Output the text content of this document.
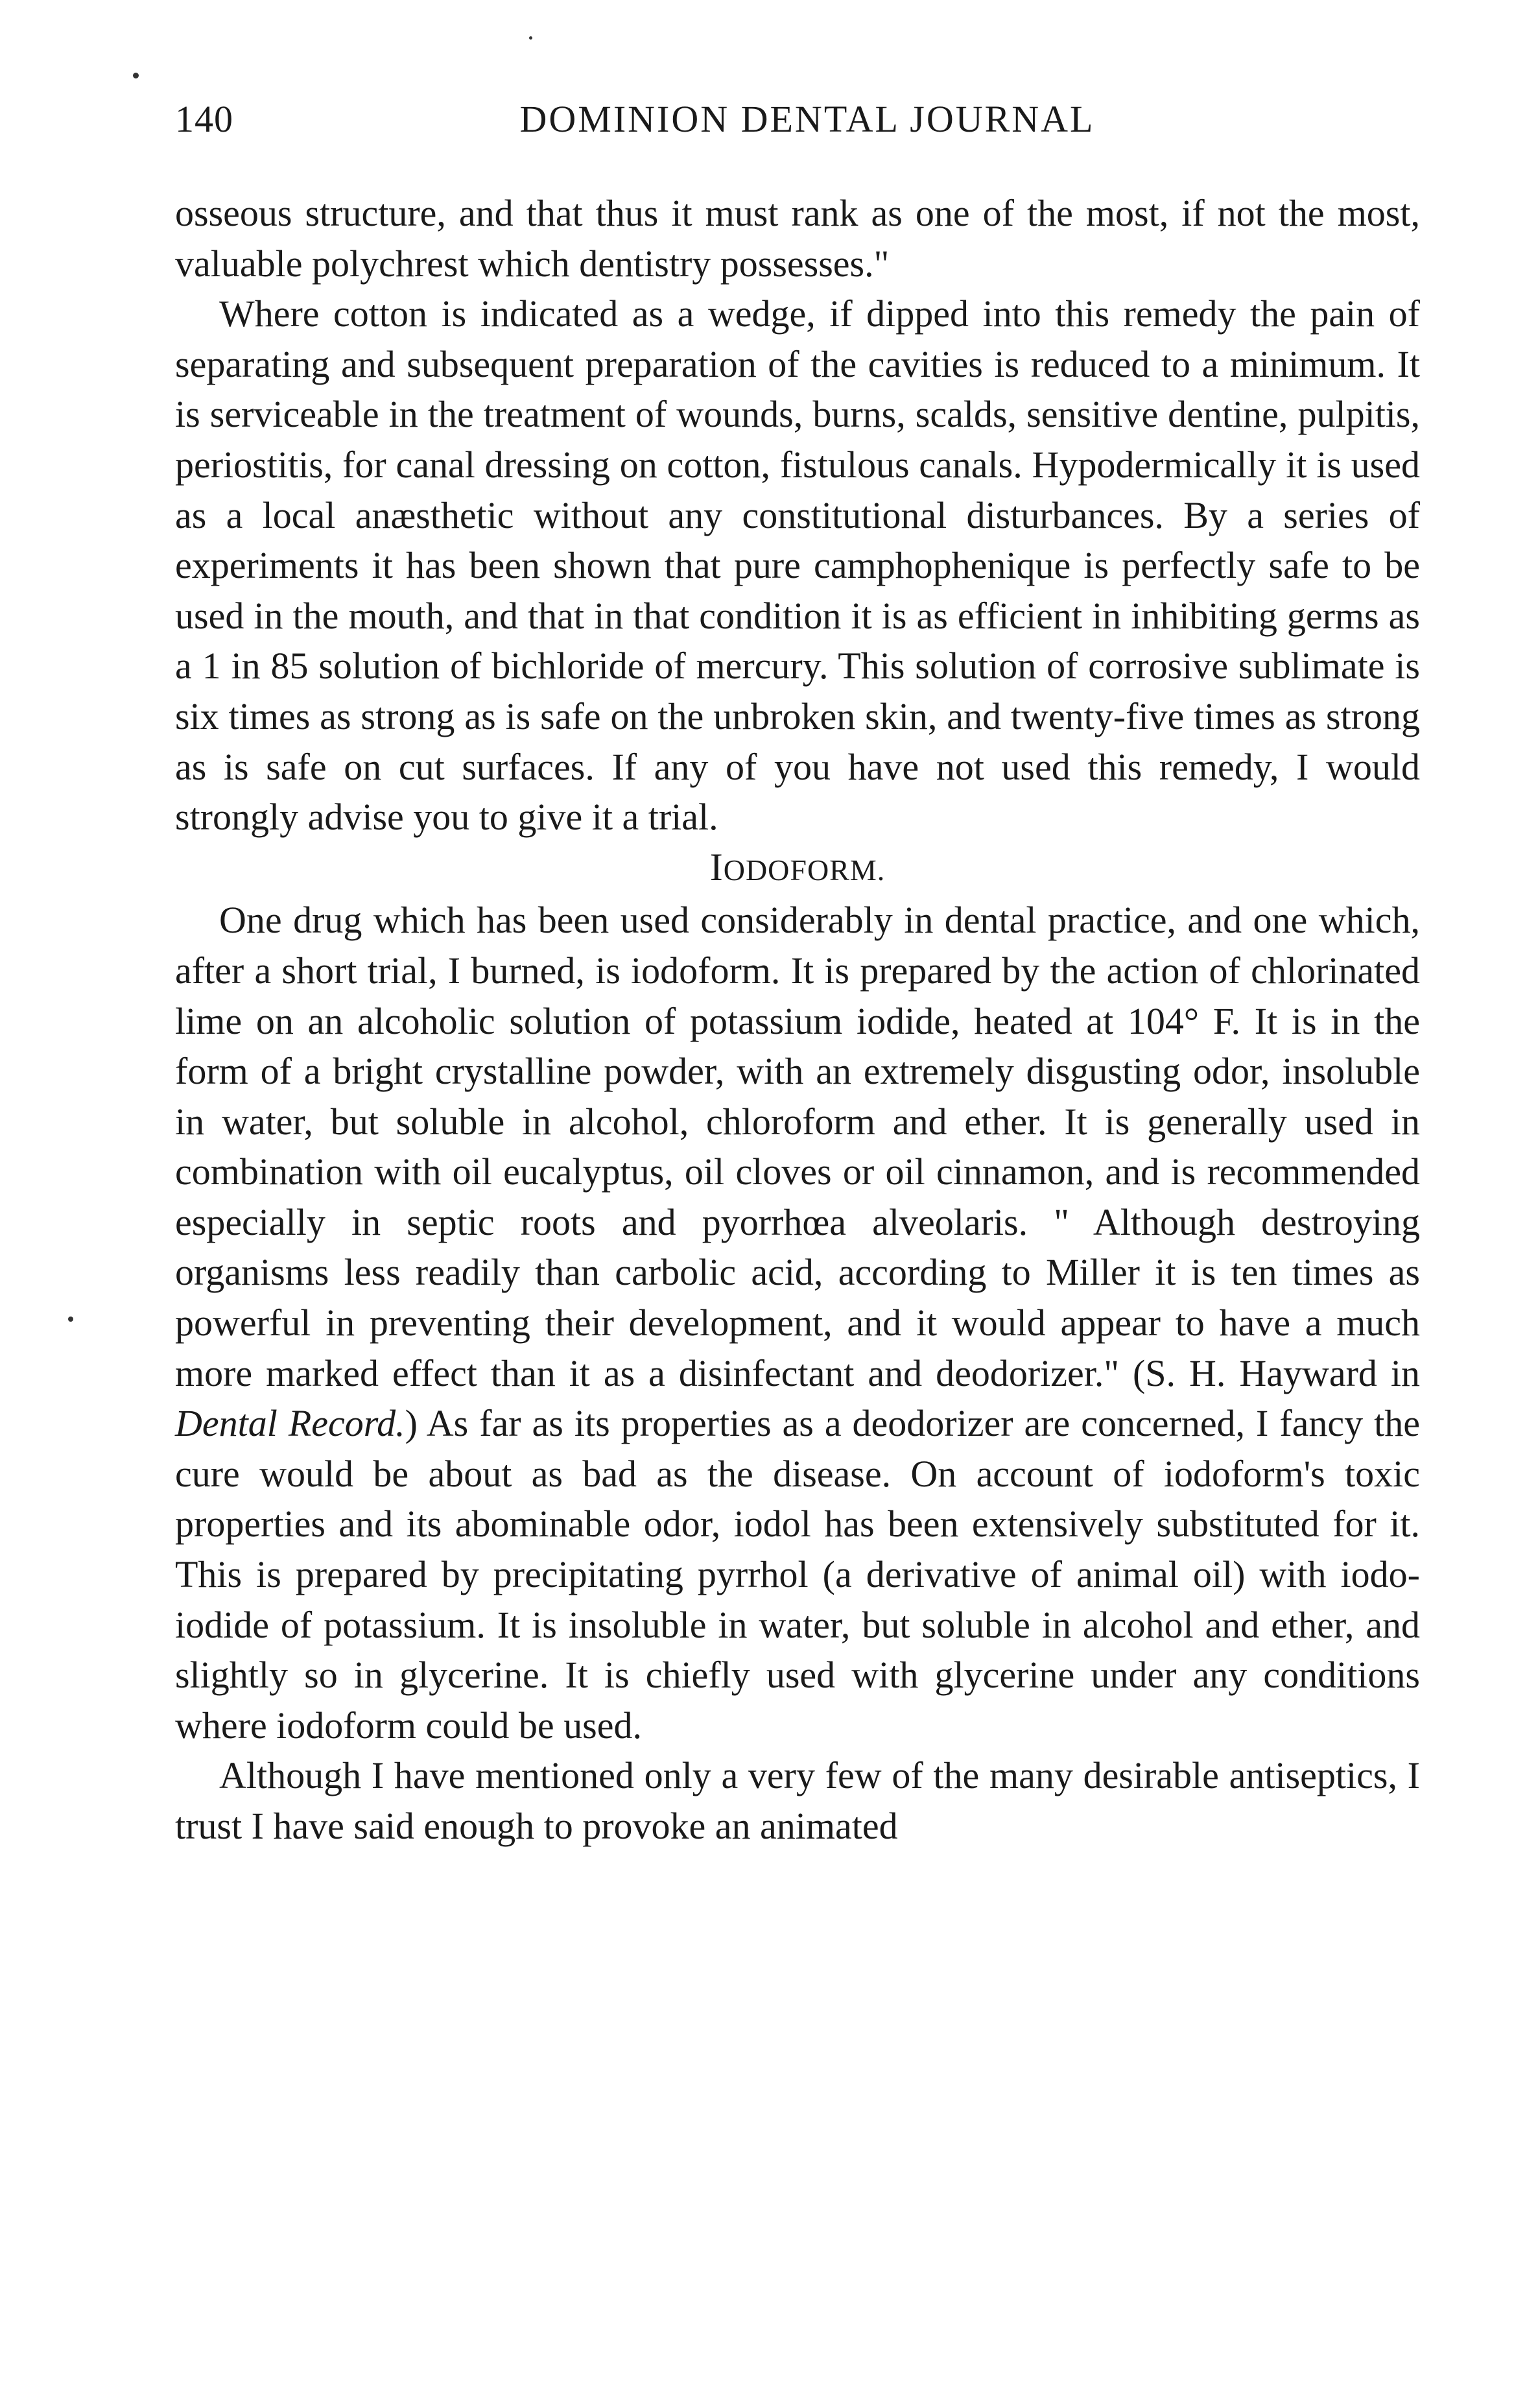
140	DOMINION DENTAL JOURNAL

osseous structure, and that thus it must rank as one of the most, if not the most, valuable polychrest which dentistry possesses."

Where cotton is indicated as a wedge, if dipped into this remedy the pain of separating and subsequent preparation of the cavities is reduced to a minimum. It is serviceable in the treatment of wounds, burns, scalds, sensitive dentine, pulpitis, periostitis, for canal dressing on cotton, fistulous canals. Hypodermically it is used as a local anæsthetic without any constitutional disturbances. By a series of experiments it has been shown that pure camphophenique is perfectly safe to be used in the mouth, and that in that condition it is as efficient in inhibiting germs as a 1 in 85 solution of bichloride of mercury. This solution of corrosive sublimate is six times as strong as is safe on the unbroken skin, and twenty-five times as strong as is safe on cut surfaces. If any of you have not used this remedy, I would strongly advise you to give it a trial.

IODOFORM.

One drug which has been used considerably in dental practice, and one which, after a short trial, I burned, is iodoform. It is prepared by the action of chlorinated lime on an alcoholic solution of potassium iodide, heated at 104° F. It is in the form of a bright crystalline powder, with an extremely disgusting odor, insoluble in water, but soluble in alcohol, chloroform and ether. It is generally used in combination with oil eucalyptus, oil cloves or oil cinnamon, and is recommended especially in septic roots and pyorrhœa alveolaris. " Although destroying organisms less readily than carbolic acid, according to Miller it is ten times as powerful in preventing their development, and it would appear to have a much more marked effect than it as a disinfectant and deodorizer." (S. H. Hayward in Dental Record.) As far as its properties as a deodorizer are concerned, I fancy the cure would be about as bad as the disease. On account of iodoform's toxic properties and its abominable odor, iodol has been extensively substituted for it. This is prepared by precipitating pyrrhol (a derivative of animal oil) with iodo-iodide of potassium. It is insoluble in water, but soluble in alcohol and ether, and slightly so in glycerine. It is chiefly used with glycerine under any conditions where iodoform could be used.

Although I have mentioned only a very few of the many desirable antiseptics, I trust I have said enough to provoke an animated
